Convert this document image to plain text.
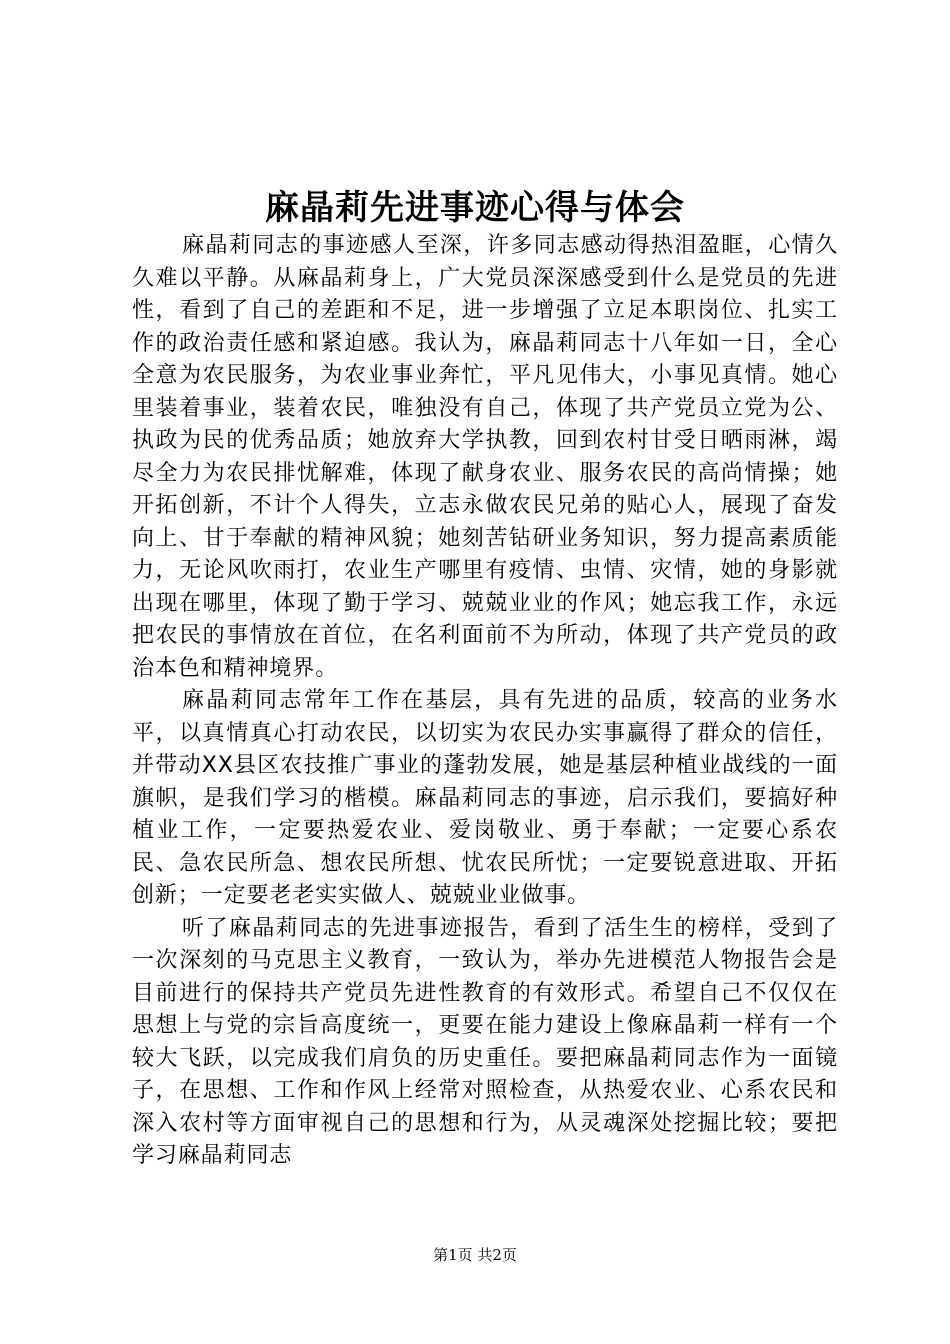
麻晶莉先进事迹心得与体会

麻晶莉同志的事迹感人至深，许多同志感动得热泪盈眶，心情久久难以平静。从麻晶莉身上，广大党员深深感受到什么是党员的先进性，看到了自己的差距和不足，进一步增强了立足本职岗位、扎实工作的政治责任感和紧迫感。我认为，麻晶莉同志十八年如一日，全心全意为农民服务，为农业事业奔忙，平凡见伟大，小事见真情。她心里装着事业，装着农民，唯独没有自己，体现了共产党员立党为公、执政为民的优秀品质；她放弃大学执教，回到农村甘受日晒雨淋，竭尽全力为农民排忧解难，体现了献身农业、服务农民的高尚情操；她开拓创新，不计个人得失，立志永做农民兄弟的贴心人，展现了奋发向上、甘于奉献的精神风貌；她刻苦钻研业务知识，努力提高素质能力，无论风吹雨打，农业生产哪里有疫情、虫情、灾情，她的身影就出现在哪里，体现了勤于学习、兢兢业业的作风；她忘我工作，永远把农民的事情放在首位，在名利面前不为所动，体现了共产党员的政治本色和精神境界。

麻晶莉同志常年工作在基层，具有先进的品质，较高的业务水平，以真情真心打动农民，以切实为农民办实事赢得了群众的信任，并带动XX县区农技推广事业的蓬勃发展，她是基层种植业战线的一面旗帜，是我们学习的楷模。麻晶莉同志的事迹，启示我们，要搞好种植业工作，一定要热爱农业、爱岗敬业、勇于奉献；一定要心系农民、急农民所急、想农民所想、忧农民所忧；一定要锐意进取、开拓创新；一定要老老实实做人、兢兢业业做事。

听了麻晶莉同志的先进事迹报告，看到了活生生的榜样，受到了一次深刻的马克思主义教育，一致认为，举办先进模范人物报告会是目前进行的保持共产党员先进性教育的有效形式。希望自己不仅仅在思想上与党的宗旨高度统一，更要在能力建设上像麻晶莉一样有一个较大飞跃，以完成我们肩负的历史重任。要把麻晶莉同志作为一面镜子，在思想、工作和作风上经常对照检查，从热爱农业、心系农民和深入农村等方面审视自己的思想和行为，从灵魂深处挖掘比较；要把学习麻晶莉同志

第1页 共2页
